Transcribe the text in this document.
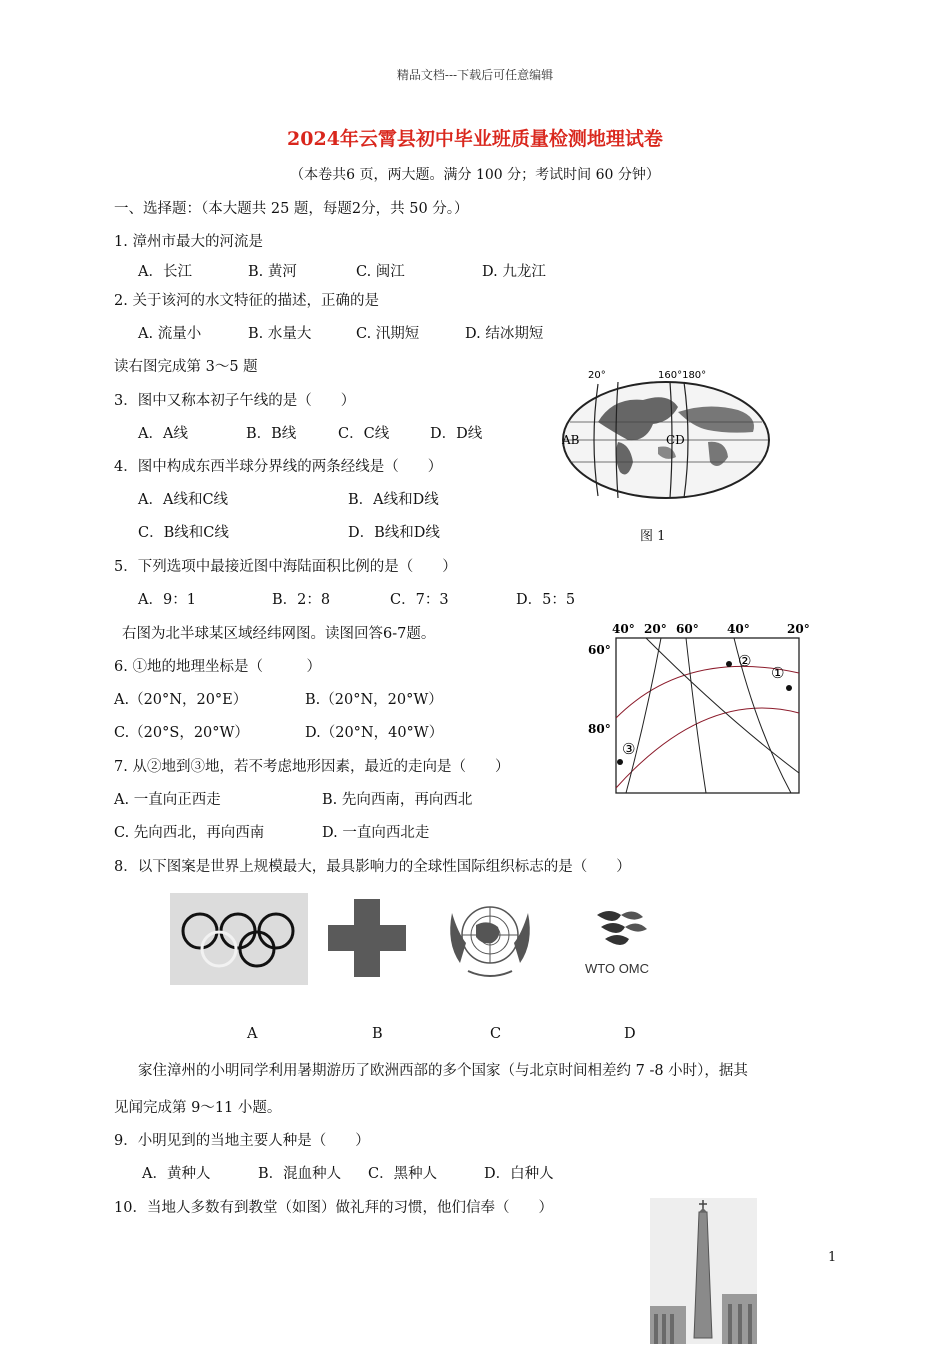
精品文档---下载后可任意编辑
2024年云霄县初中毕业班质量检测地理试卷
（本卷共6 页，两大题。满分 100 分；考试时间 60 分钟）
一、选择题：（本大题共 25 题，每题2分，共 50 分。）
1. 漳州市最大的河流是
A．长江	B. 黄河	C. 闽江	D. 九龙江
2. 关于该河的水文特征的描述，正确的是
A. 流量小	B. 水量大	C. 汛期短	D. 结冰期短
读右图完成第 3～5 题
3．图中又称本初子午线的是（　　）
A．A线	B．B线	C．C线	D．D线
4．图中构成东西半球分界线的两条经线是（　　）
A．A线和C线	B．A线和D线
C．B线和C线	D．B线和D线
20°	160°180°
AB	CD
图 1
5．下列选项中最接近图中海陆面积比例的是（　　）
A．9：1	B．2：8	C．7：3	D．5：5
右图为北半球某区域经纬网图。读图回答6-7题。	40° 20° 60° 40°	20°
60°
80°
②
①
③
6. ①地的地理坐标是（　　　）
A.（20°N，20°E）	B.（20°N，20°W）
C.（20°S，20°W）	D.（20°N，40°W）
7. 从②地到③地，若不考虑地形因素，最近的走向是（　　）
A. 一直向正西走	B. 先向西南，再向西北
C. 先向西北，再向西南	D. 一直向西北走
8．以下图案是世界上规模最大，最具影响力的全球性国际组织标志的是（　　）
WTO OMC
A	B	C	D
家住漳州的小明同学利用暑期游历了欧洲西部的多个国家（与北京时间相差约 7 -8 小时），据其
见闻完成第 9～11 小题。
9．小明见到的当地主要人种是（　　）
A．黄种人	B．混血种人 C．黑种人	D．白种人
10．当地人多数有到教堂（如图）做礼拜的习惯，他们信奉（　　）
1
